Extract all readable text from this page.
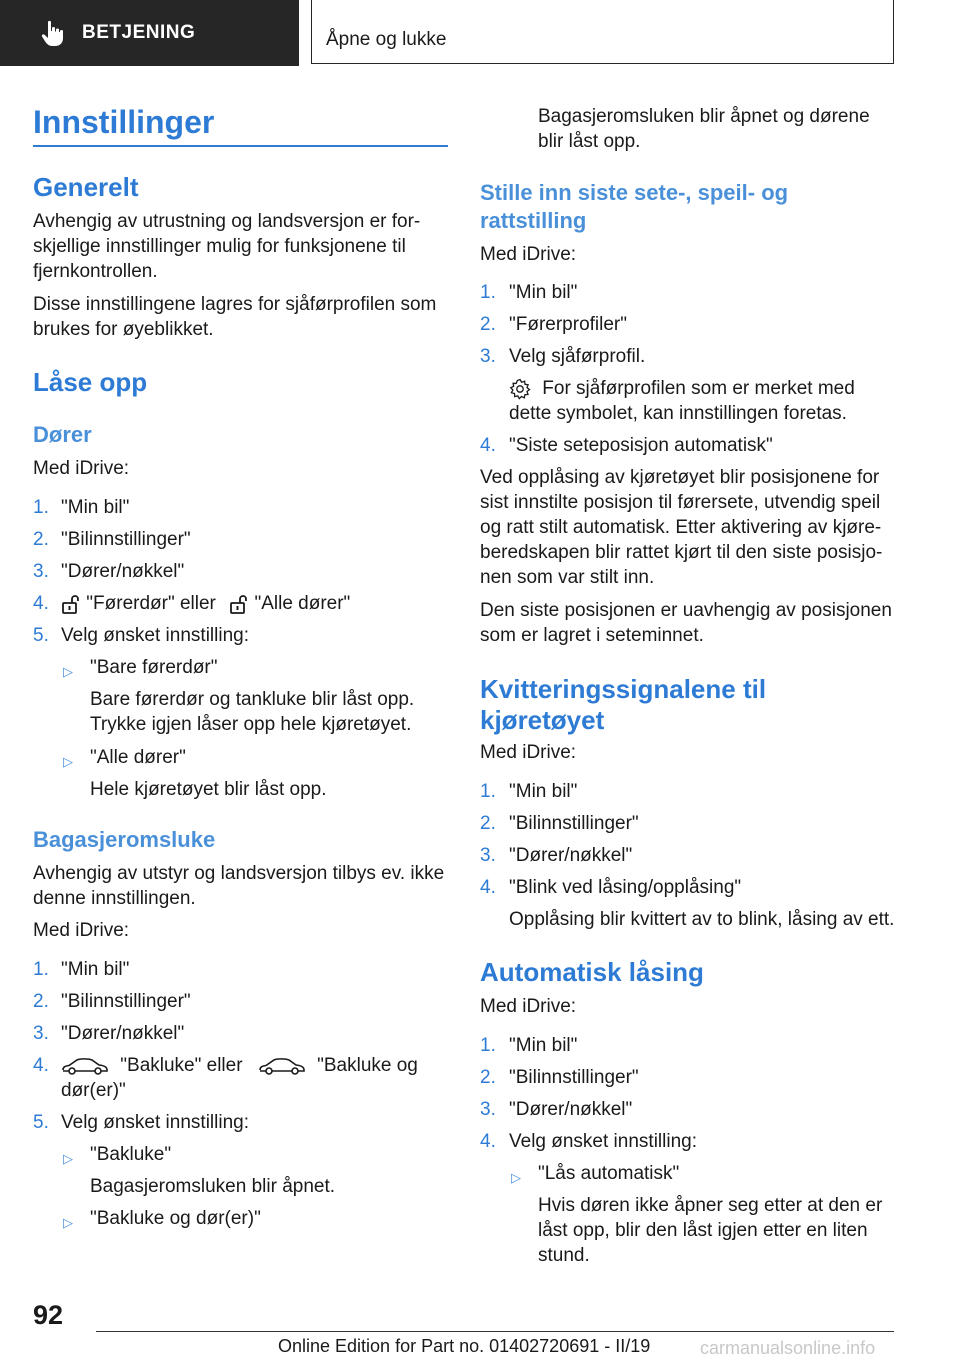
BETJENING	Åpne og lukke
Innstillinger
Generelt
Avhengig av utrustning og landsversjon er for-
skjellige innstillinger mulig for funksjonene til
fjernkontrollen.
Disse innstillingene lagres for sjåførprofilen som
brukes for øyeblikket.
Låse opp
Dører
Med iDrive:
1. "Min bil"
2. "Bilinnstillinger"
3. "Dører/nøkkel"
4. "Førerdør" eller "Alle dører"
5. Velg ønsket innstilling:
▷ "Bare førerdør"
Bare førerdør og tankluke blir låst opp.
Trykke igjen låser opp hele kjøretøyet.
▷ "Alle dører"
Hele kjøretøyet blir låst opp.
Bagasjeromsluke
Avhengig av utstyr og landsversjon tilbys ev. ikke
denne innstillingen.
Med iDrive:
1. "Min bil"
2. "Bilinnstillinger"
3. "Dører/nøkkel"
4.	"Bakluke" eller	"Bakluke og
dør(er)"
5. Velg ønsket innstilling:
▷ "Bakluke"
Bagasjeromsluken blir åpnet.
▷ "Bakluke og dør(er)"
Bagasjeromsluken blir åpnet og dørene
blir låst opp.
Stille inn siste sete-, speil- og
rattstilling
Med iDrive:
1. "Min bil"
2. "Førerprofiler"
3. Velg sjåførprofil.
For sjåførprofilen som er merket med
dette symbolet, kan innstillingen foretas.
4. "Siste seteposisjon automatisk"
Ved opplåsing av kjøretøyet blir posisjonene for
sist innstilte posisjon til førersete, utvendig speil
og ratt stilt automatisk. Etter aktivering av kjøre-
beredskapen blir rattet kjørt til den siste posisjo-
nen som var stilt inn.
Den siste posisjonen er uavhengig av posisjonen
som er lagret i seteminnet.
Kvitteringssignalene til
kjøretøyet
Med iDrive:
1. "Min bil"
2. "Bilinnstillinger"
3. "Dører/nøkkel"
4. "Blink ved låsing/opplåsing"
Opplåsing blir kvittert av to blink, låsing av ett.
Automatisk låsing
Med iDrive:
1. "Min bil"
2. "Bilinnstillinger"
3. "Dører/nøkkel"
4. Velg ønsket innstilling:
▷ "Lås automatisk"
Hvis døren ikke åpner seg etter at den er
låst opp, blir den låst igjen etter en liten
stund.
92
Online Edition for Part no. 01402720691 - II/19	carmanualsonline.info
